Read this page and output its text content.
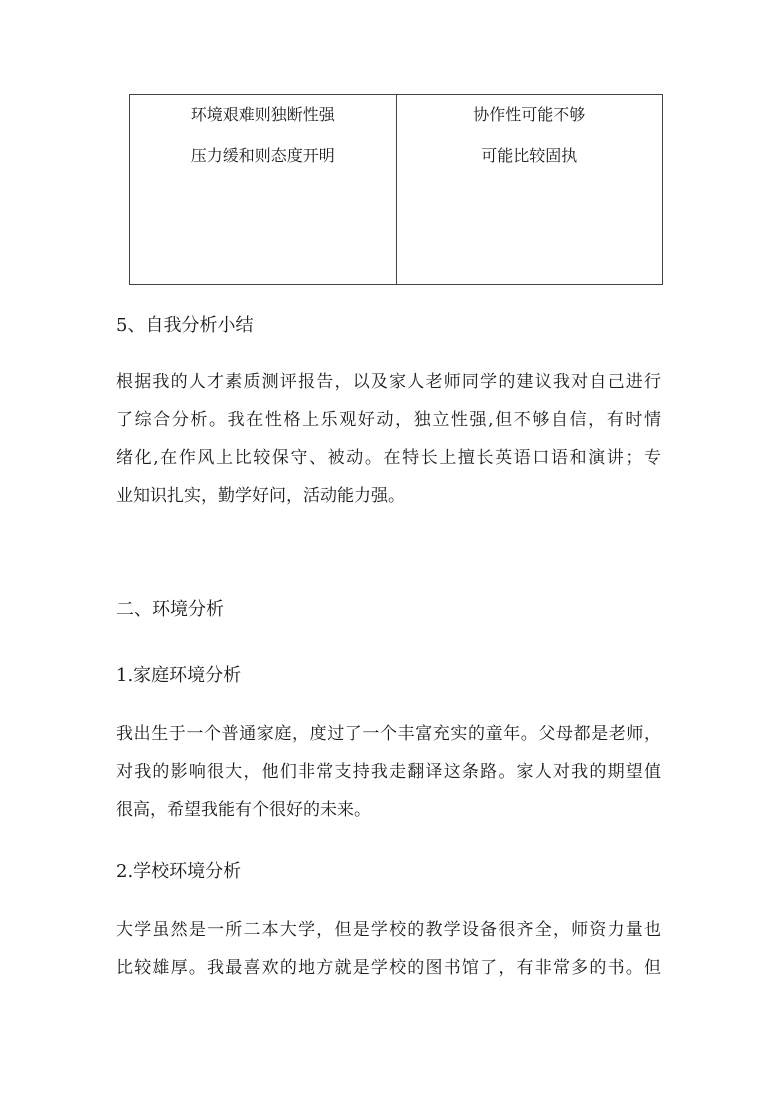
环境艰难则独断性强
压力缓和则态度开明
协作性可能不够
可能比较固执
5、自我分析小结
根据我的人才素质测评报告，以及家人老师同学的建议我对自己进行
了综合分析。我在性格上乐观好动，独立性强,但不够自信，有时情
绪化,在作风上比较保守、被动。在特长上擅长英语口语和演讲；专
业知识扎实，勤学好问，活动能力强。
二、环境分析
1.家庭环境分析
我出生于一个普通家庭，度过了一个丰富充实的童年。父母都是老师，
对我的影响很大，他们非常支持我走翻译这条路。家人对我的期望值
很高，希望我能有个很好的未来。
2.学校环境分析
大学虽然是一所二本大学，但是学校的教学设备很齐全，师资力量也
比较雄厚。我最喜欢的地方就是学校的图书馆了，有非常多的书。但
